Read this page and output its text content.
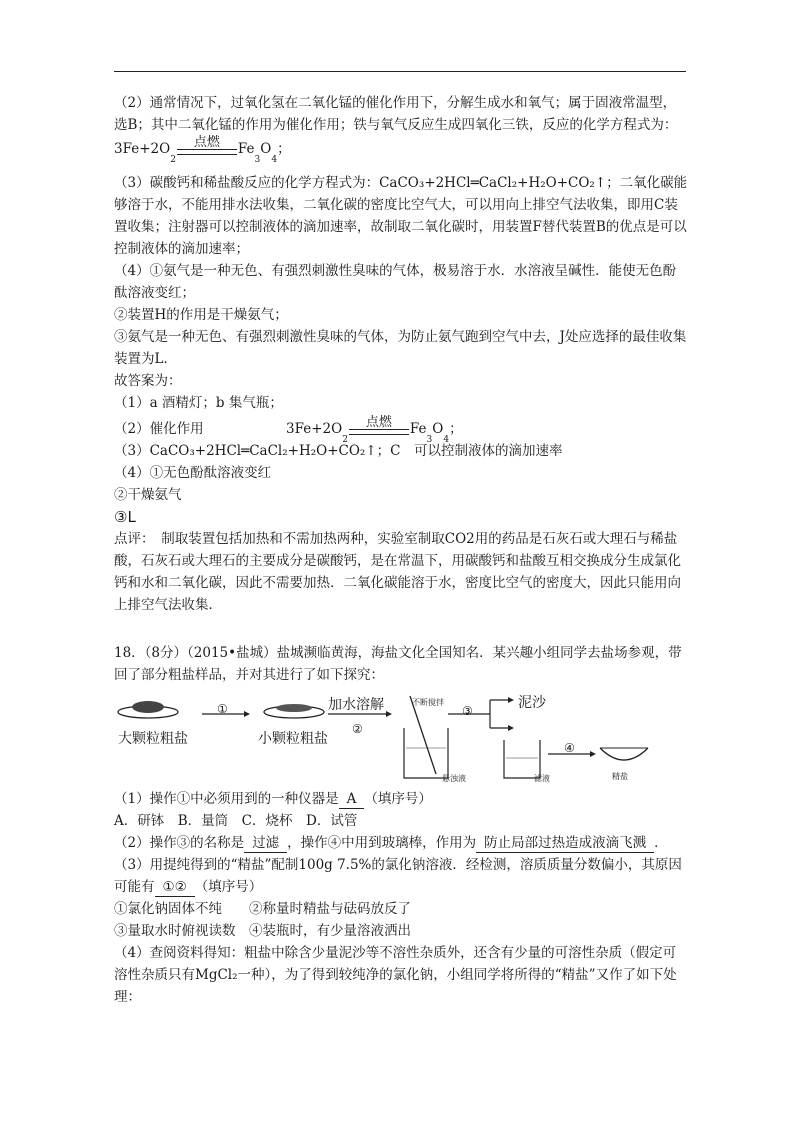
（2）通常情况下，过氧化氢在二氧化锰的催化作用下，分解生成水和氧气；属于固液常温型，选B；其中二氧化锰的作用为催化作用；铁与氧气反应生成四氧化三铁，反应的化学方程式为：

3Fe+2O
2
点燃 Fe
3
O
4
；

（3）碳酸钙和稀盐酸反应的化学方程式为：CaCO₃+2HCl═CaCl₂+H₂O+CO₂↑；二氧化碳能够溶于水，不能用排水法收集，二氧化碳的密度比空气大，可以用向上排空气法收集，即用C装置收集；注射器可以控制液体的滴加速率，故制取二氧化碳时，用装置F替代装置B的优点是可以控制液体的滴加速率；

（4）①氨气是一种无色、有强烈刺激性臭味的气体，极易溶于水．水溶液呈碱性．能使无色酚酞溶液变红；

②装置H的作用是干燥氨气；

③氨气是一种无色、有强烈刺激性臭味的气体，为防止氨气跑到空气中去，J处应选择的最佳收集装置为L．

故答案为：

（1）a 酒精灯；b 集气瓶；

（2）催化作用	3Fe+2O
2
点燃 Fe
3
O
4
；

（3）CaCO₃+2HCl═CaCl₂+H₂O+CO₂↑；C　可以控制液体的滴加速率

（4）①无色酚酞溶液变红

②干燥氨气

③L

点评：　制取装置包括加热和不需加热两种，实验室制取CO2用的药品是石灰石或大理石与稀盐酸，石灰石或大理石的主要成分是碳酸钙，是在常温下，用碳酸钙和盐酸互相交换成分生成氯化钙和水和二氧化碳，因此不需要加热．二氧化碳能溶于水，密度比空气的密度大，因此只能用向上排空气法收集．

18．（8分）（2015•盐城）盐城濒临黄海，海盐文化全国知名．某兴趣小组同学去盐场参观，带回了部分粗盐样品，并对其进行了如下探究：

大颗粒粗盐
①
小颗粒粗盐
加水溶解
②
不断搅拌
③	泥沙
悬浊液	滤液
④
精盐

（1）操作①中必须用到的一种仪器是 A （填序号）

A．研钵　B．量筒　C．烧杯　D．试管

（2）操作③的名称是 过滤 ，操作④中用到玻璃棒，作用为 防止局部过热造成液滴飞溅 ．

（3）用提纯得到的“精盐”配制100g 7.5%的氯化钠溶液．经检测，溶质质量分数偏小，其原因可能有 ①② （填序号）

①氯化钠固体不纯　　②称量时精盐与砝码放反了

③量取水时俯视读数　④装瓶时，有少量溶液洒出

（4）查阅资料得知：粗盐中除含少量泥沙等不溶性杂质外，还含有少量的可溶性杂质（假定可溶性杂质只有MgCl₂一种），为了得到较纯净的氯化钠，小组同学将所得的“精盐”又作了如下处理：
